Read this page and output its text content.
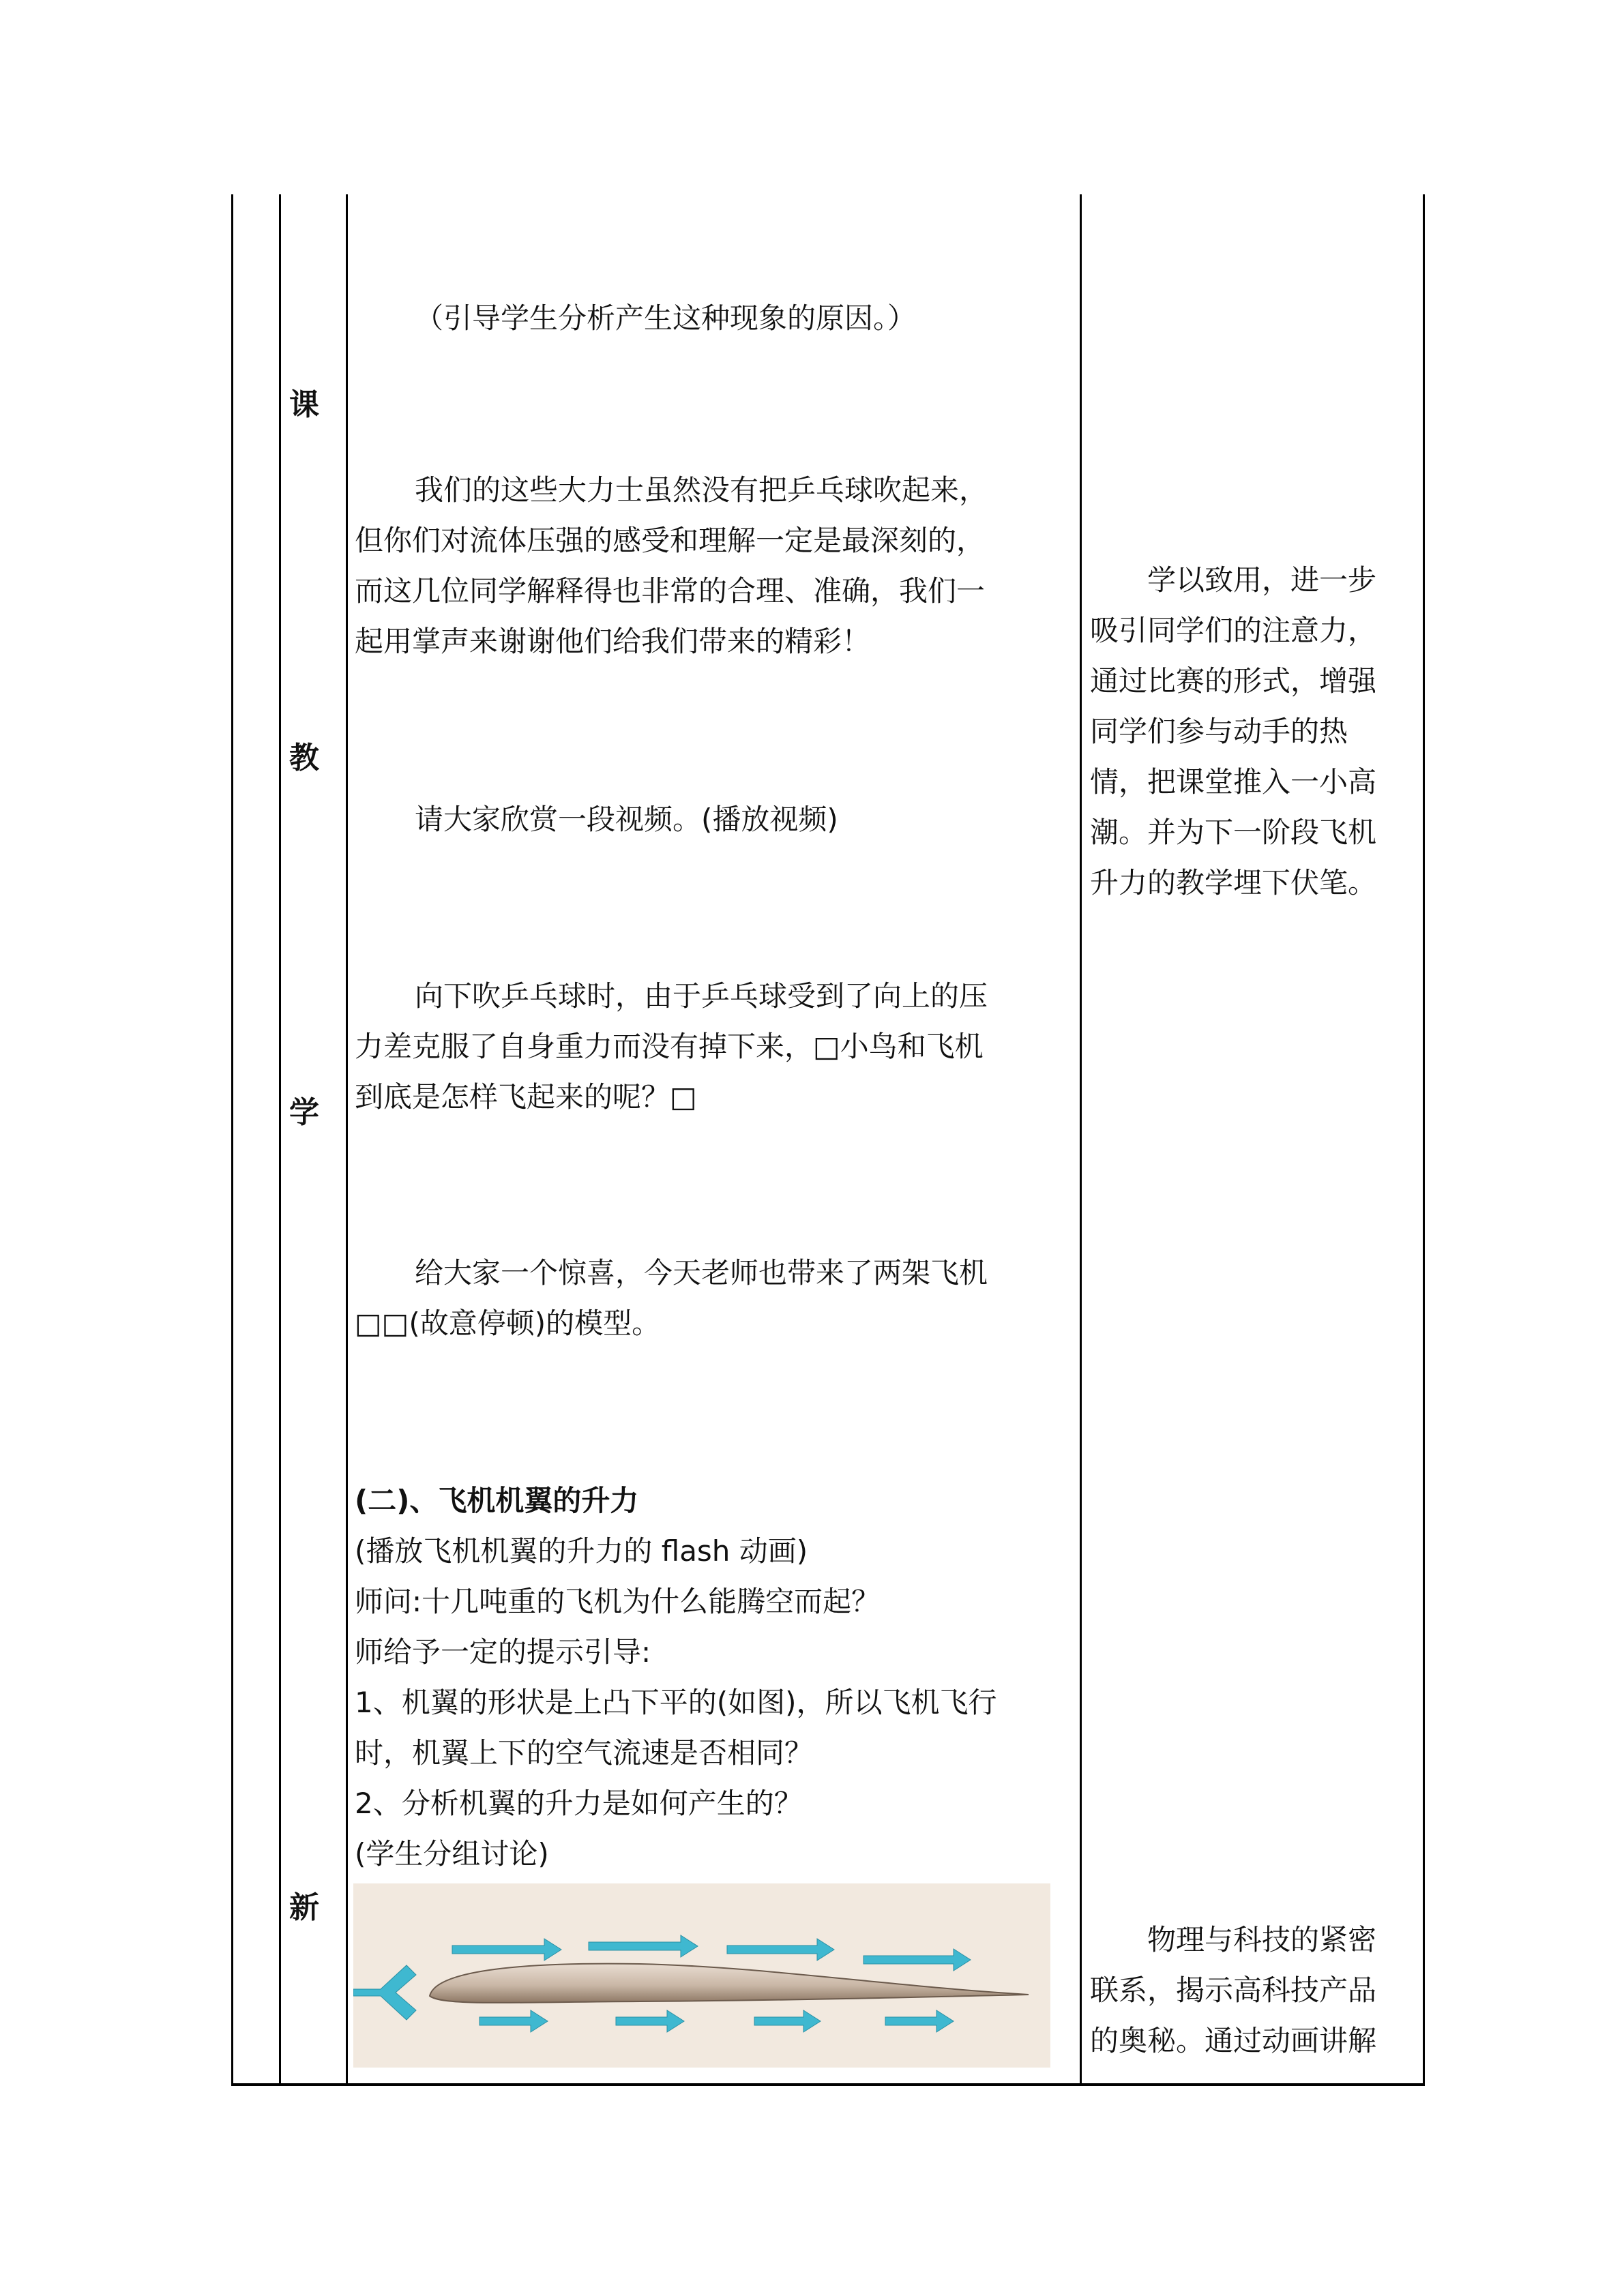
课
教
学
新

（引导学生分析产生这种现象的原因。）

我们的这些大力士虽然没有把乒乓球吹起来，

但你们对流体压强的感受和理解一定是最深刻的，

而这几位同学解释得也非常的合理、准确，我们一

起用掌声来谢谢他们给我们带来的精彩！

请大家欣赏一段视频。(播放视频)

向下吹乒乓球时，由于乒乓球受到了向上的压

力差克服了自身重力而没有掉下来，□小鸟和飞机

到底是怎样飞起来的呢？□

给大家一个惊喜，今天老师也带来了两架飞机

□□(故意停顿)的模型。

(二)、飞机机翼的升力

(播放飞机机翼的升力的 flash 动画)

师问:十几吨重的飞机为什么能腾空而起？

师给予一定的提示引导:

1、机翼的形状是上凸下平的(如图)，所以飞机飞行

时，机翼上下的空气流速是否相同？

2、分析机翼的升力是如何产生的？

(学生分组讨论)

学以致用，进一步

吸引同学们的注意力，

通过比赛的形式，增强

同学们参与动手的热

情，把课堂推入一小高

潮。并为下一阶段飞机

升力的教学埋下伏笔。

物理与科技的紧密

联系，揭示高科技产品

的奥秘。通过动画讲解
